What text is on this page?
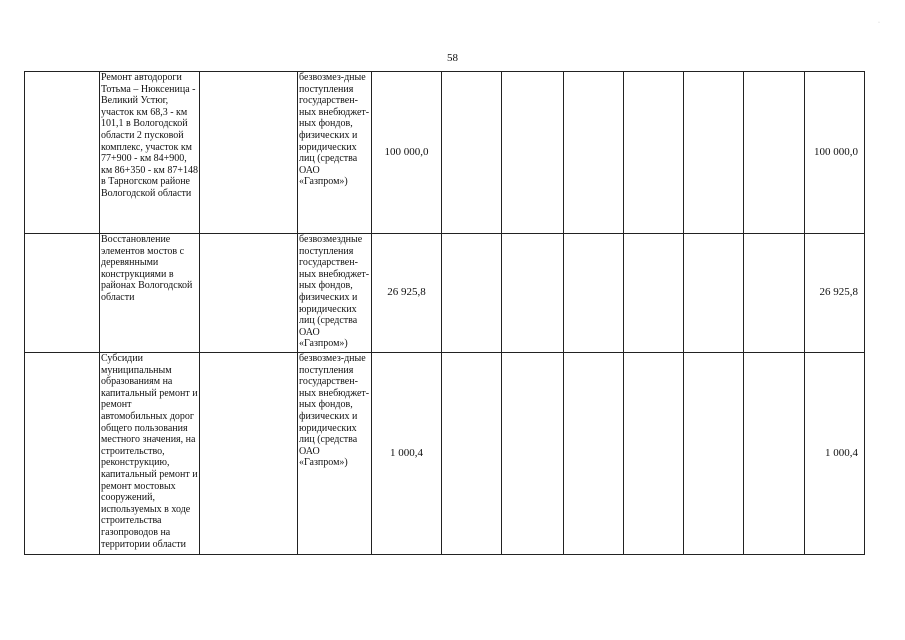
58
·
	Ремонт автодороги Тотьма – Нюксеница - Великий Устюг, участок км 68,3 - км 101,1 в Вологодской области 2 пусковой комплекс, участок км 77+900 - км 84+900, км 86+350 - км 87+148 в Тарногском районе Вологодской области		безвозмез-дные поступления государствен-ных внебюджет-ных фондов, физических и юридических лиц (средства ОАО «Газпром»)	100 000,0							100 000,0
	Восстановление элементов мостов с деревянными конструкциями в районах Вологодской области		безвозмездные поступления государствен-ных внебюджет-ных фондов, физических и юридических лиц (средства ОАО «Газпром»)	26 925,8							26 925,8
	Субсидии муниципальным образованиям на капитальный ремонт и ремонт автомобильных дорог общего пользования местного значения, на строительство, реконструкцию, капитальный ремонт и ремонт мостовых сооружений, используемых в ходе строительства газопроводов на территории области		безвозмез-дные поступления государствен-ных внебюджет-ных фондов, физических и юридических лиц (средства ОАО «Газпром»)	1 000,4							1 000,4
